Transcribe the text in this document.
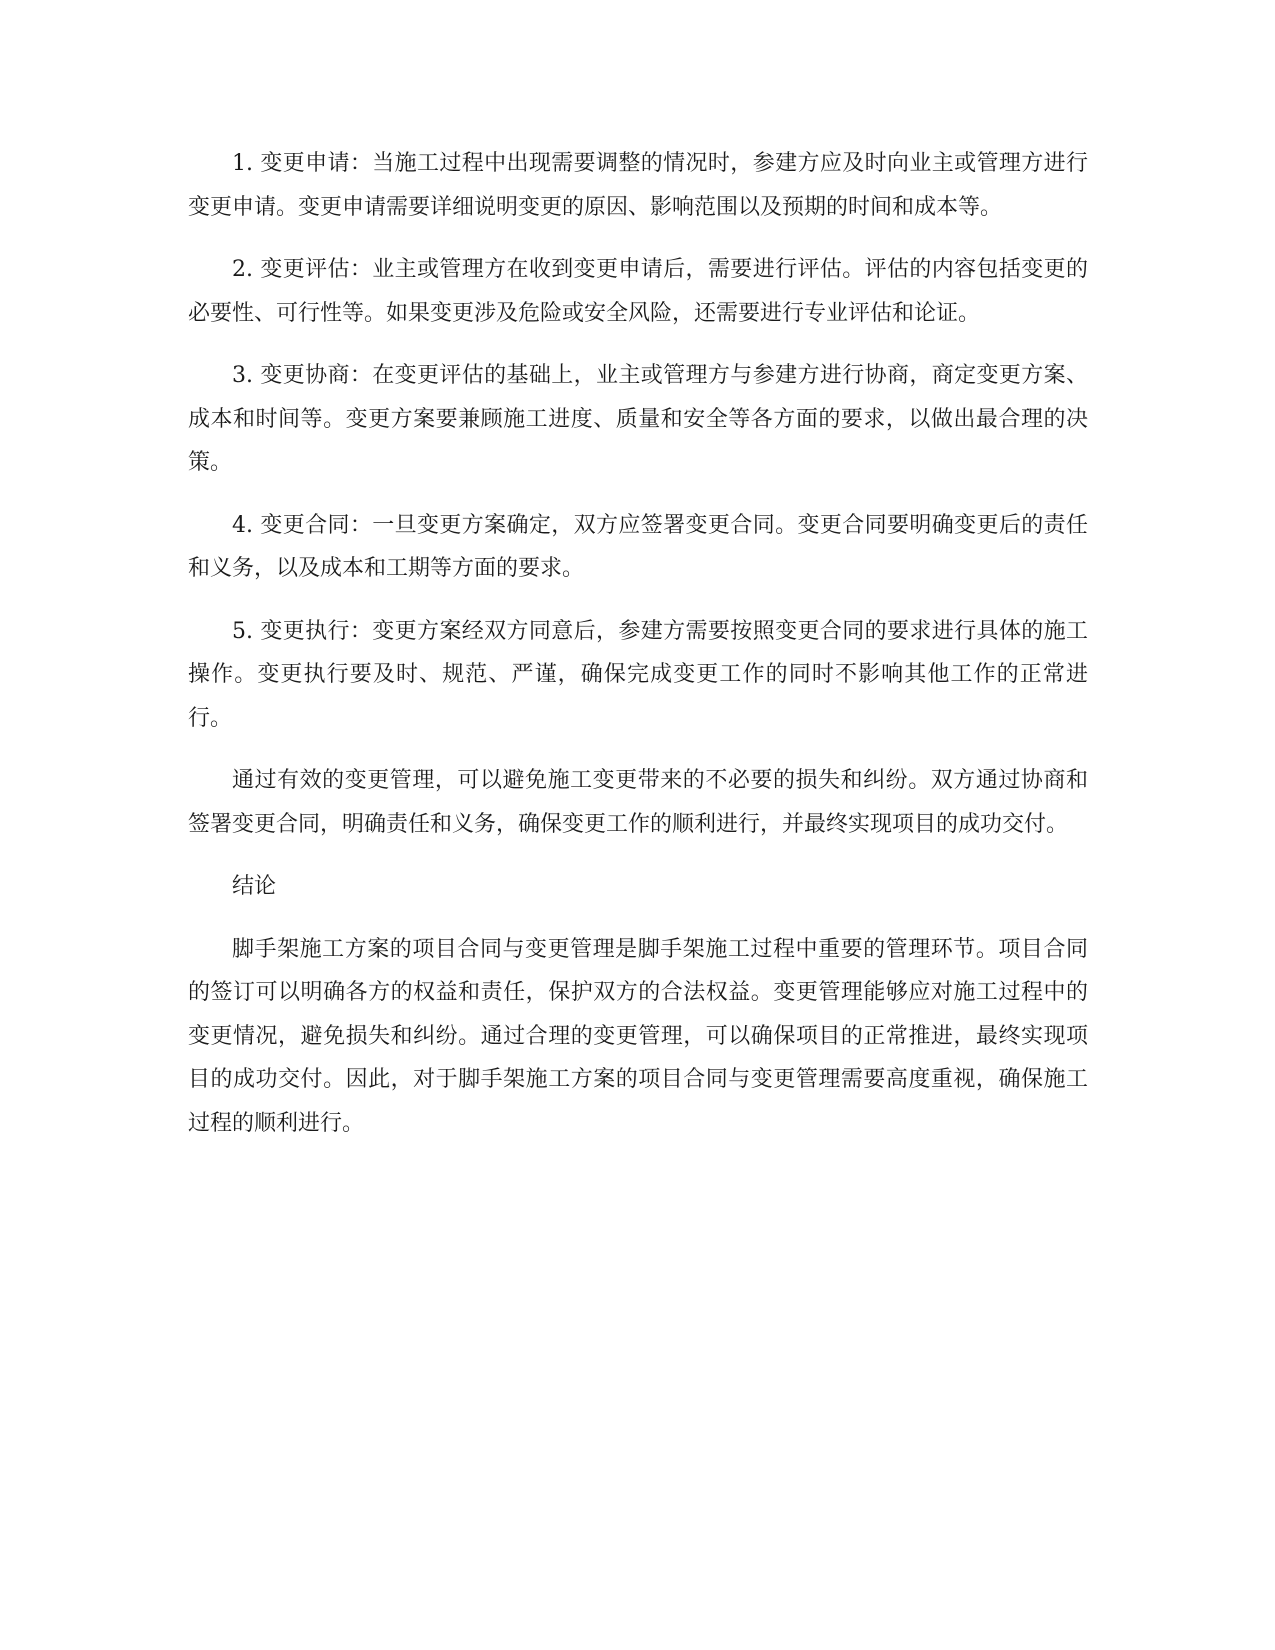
1. 变更申请：当施工过程中出现需要调整的情况时，参建方应及时向业主或管理方进行变更申请。变更申请需要详细说明变更的原因、影响范围以及预期的时间和成本等。

2. 变更评估：业主或管理方在收到变更申请后，需要进行评估。评估的内容包括变更的必要性、可行性等。如果变更涉及危险或安全风险，还需要进行专业评估和论证。

3. 变更协商：在变更评估的基础上，业主或管理方与参建方进行协商，商定变更方案、成本和时间等。变更方案要兼顾施工进度、质量和安全等各方面的要求，以做出最合理的决策。

4. 变更合同：一旦变更方案确定，双方应签署变更合同。变更合同要明确变更后的责任和义务，以及成本和工期等方面的要求。

5. 变更执行：变更方案经双方同意后，参建方需要按照变更合同的要求进行具体的施工操作。变更执行要及时、规范、严谨，确保完成变更工作的同时不影响其他工作的正常进行。

通过有效的变更管理，可以避免施工变更带来的不必要的损失和纠纷。双方通过协商和签署变更合同，明确责任和义务，确保变更工作的顺利进行，并最终实现项目的成功交付。

结论

脚手架施工方案的项目合同与变更管理是脚手架施工过程中重要的管理环节。项目合同的签订可以明确各方的权益和责任，保护双方的合法权益。变更管理能够应对施工过程中的变更情况，避免损失和纠纷。通过合理的变更管理，可以确保项目的正常推进，最终实现项目的成功交付。因此，对于脚手架施工方案的项目合同与变更管理需要高度重视，确保施工过程的顺利进行。
